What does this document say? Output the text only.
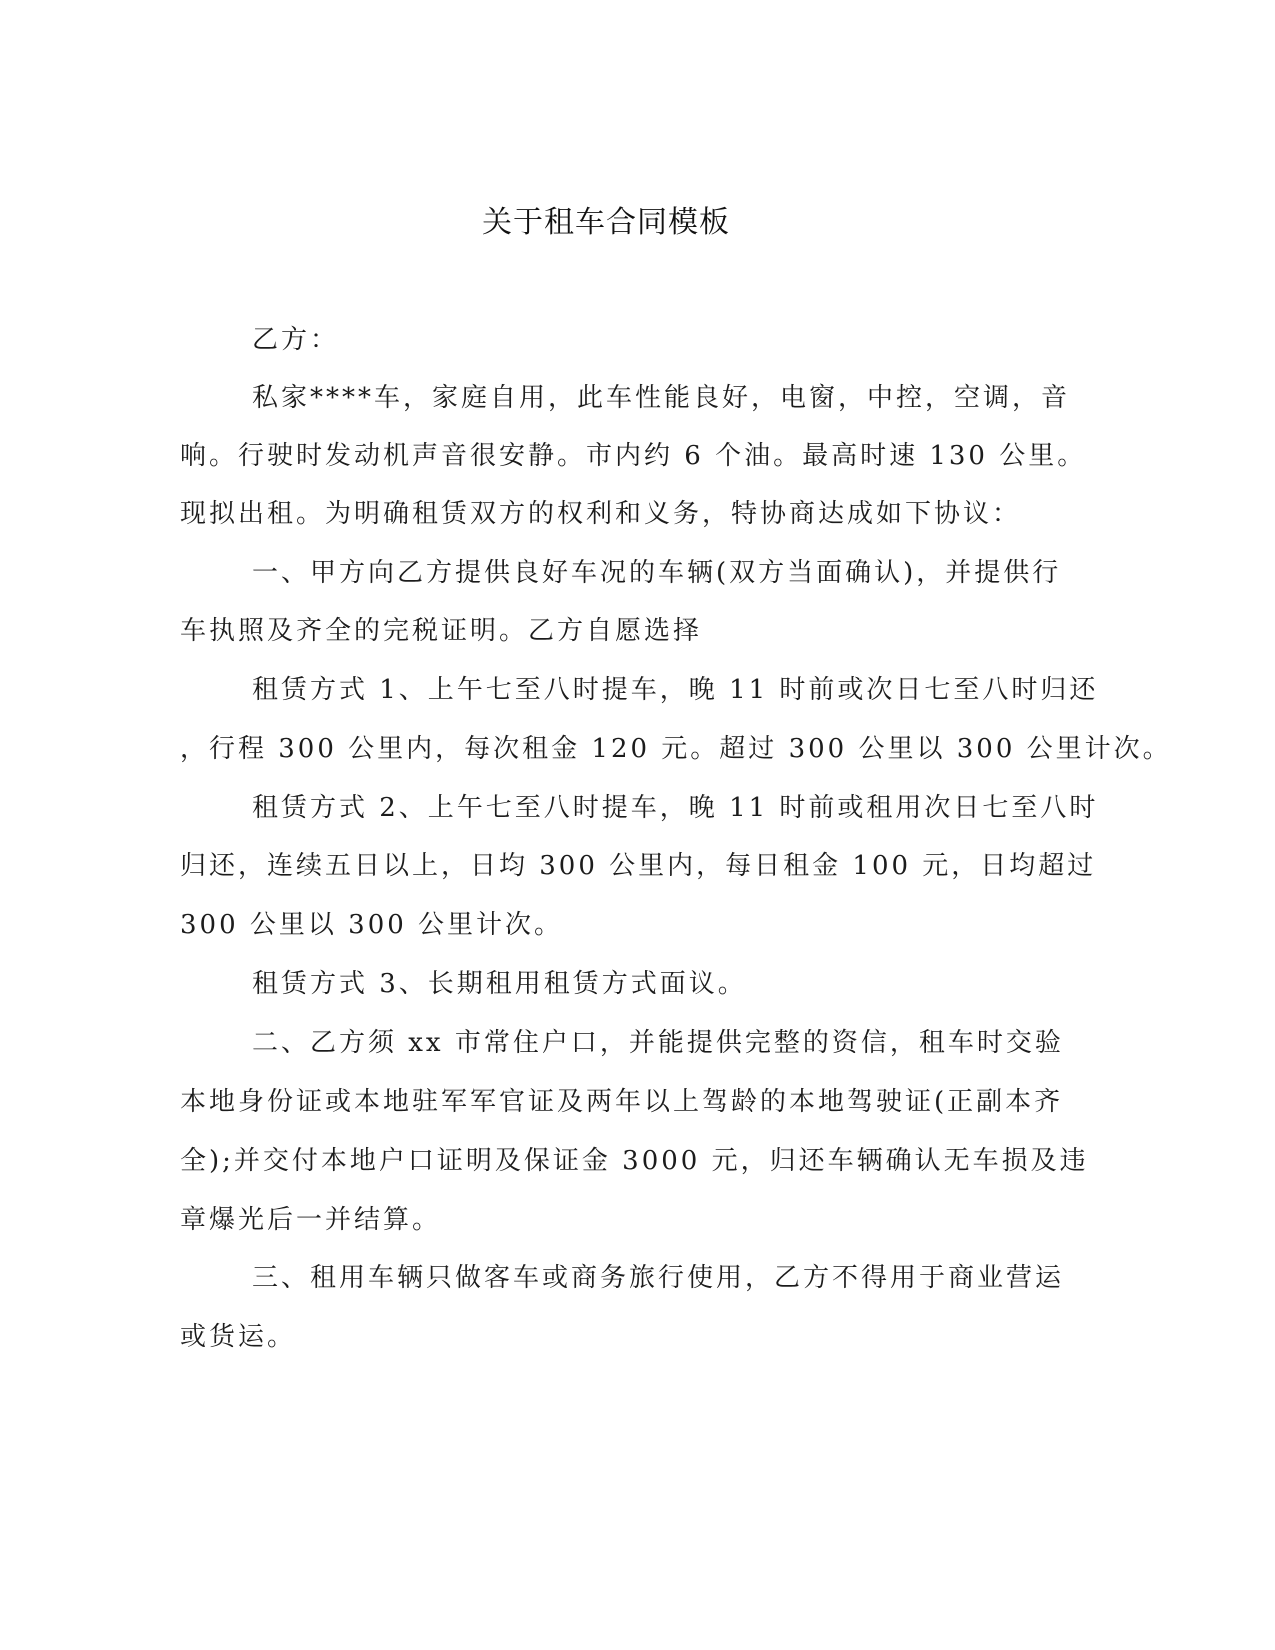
关于租车合同模板
乙方：
私家****车，家庭自用，此车性能良好，电窗，中控，空调，音
响。行驶时发动机声音很安静。市内约 6 个油。最高时速 130 公里。
现拟出租。为明确租赁双方的权利和义务，特协商达成如下协议：
一、甲方向乙方提供良好车况的车辆(双方当面确认)，并提供行
车执照及齐全的完税证明。乙方自愿选择
租赁方式 1、上午七至八时提车，晚 11 时前或次日七至八时归还
，行程 300 公里内，每次租金 120 元。超过 300 公里以 300 公里计次。
租赁方式 2、上午七至八时提车，晚 11 时前或租用次日七至八时
归还，连续五日以上，日均 300 公里内，每日租金 100 元，日均超过
300 公里以 300 公里计次。
租赁方式 3、长期租用租赁方式面议。
二、乙方须 xx 市常住户口，并能提供完整的资信，租车时交验
本地身份证或本地驻军军官证及两年以上驾龄的本地驾驶证(正副本齐
全);并交付本地户口证明及保证金 3000 元，归还车辆确认无车损及违
章爆光后一并结算。
三、租用车辆只做客车或商务旅行使用，乙方不得用于商业营运
或货运。
